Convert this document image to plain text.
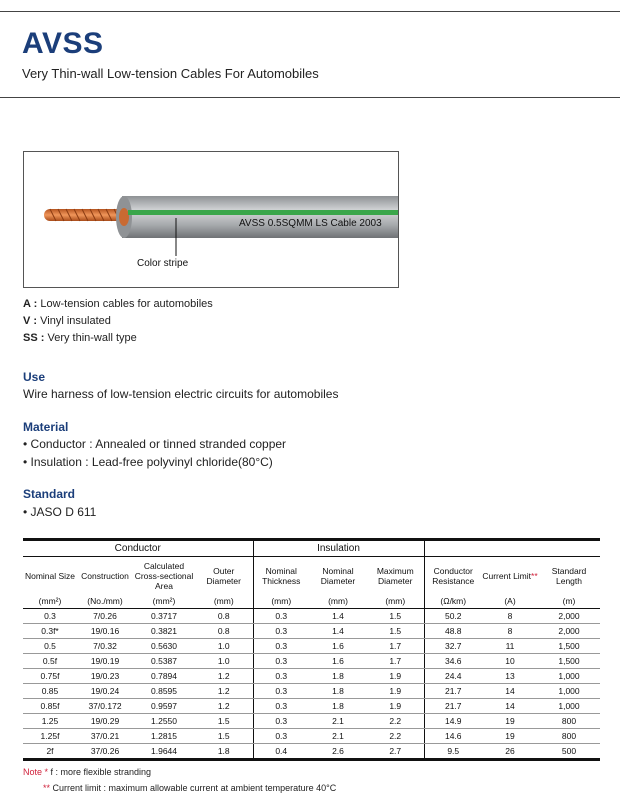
AVSS
Very Thin-wall Low-tension Cables For Automobiles
AVSS 0.5SQMM LS Cable 2003
Color stripe
A : Low-tension cables for automobiles
V : Vinyl insulated
SS : Very thin-wall type
Use
Wire harness of low-tension electric circuits for automobiles
Material
• Conductor : Annealed or tinned stranded copper
• Insulation : Lead-free polyvinyl chloride(80°C)
Standard
• JASO D 611
Conductor				Insulation					
Nominal Size	Construction	Calculated Cross-sectional Area	Outer Diameter	Nominal Thickness	Nominal Diameter	Maximum Diameter	Conductor Resistance	Current Limit**	Standard Length
(mm²)	(No./mm)	(mm²)	(mm)	(mm)	(mm)	(mm)	(Ω/km)	(A)	(m)
0.3	7/0.26	0.3717	0.8	0.3	1.4	1.5	50.2	8	2,000
0.3f*	19/0.16	0.3821	0.8	0.3	1.4	1.5	48.8	8	2,000
0.5	7/0.32	0.5630	1.0	0.3	1.6	1.7	32.7	11	1,500
0.5f	19/0.19	0.5387	1.0	0.3	1.6	1.7	34.6	10	1,500
0.75f	19/0.23	0.7894	1.2	0.3	1.8	1.9	24.4	13	1,000
0.85	19/0.24	0.8595	1.2	0.3	1.8	1.9	21.7	14	1,000
0.85f	37/0.172	0.9597	1.2	0.3	1.8	1.9	21.7	14	1,000
1.25	19/0.29	1.2550	1.5	0.3	2.1	2.2	14.9	19	800
1.25f	37/0.21	1.2815	1.5	0.3	2.1	2.2	14.6	19	800
2f	37/0.26	1.9644	1.8	0.4	2.6	2.7	9.5	26	500
Note * f : more flexible stranding
** Current limit : maximum allowable current at ambient temperature 40°C
